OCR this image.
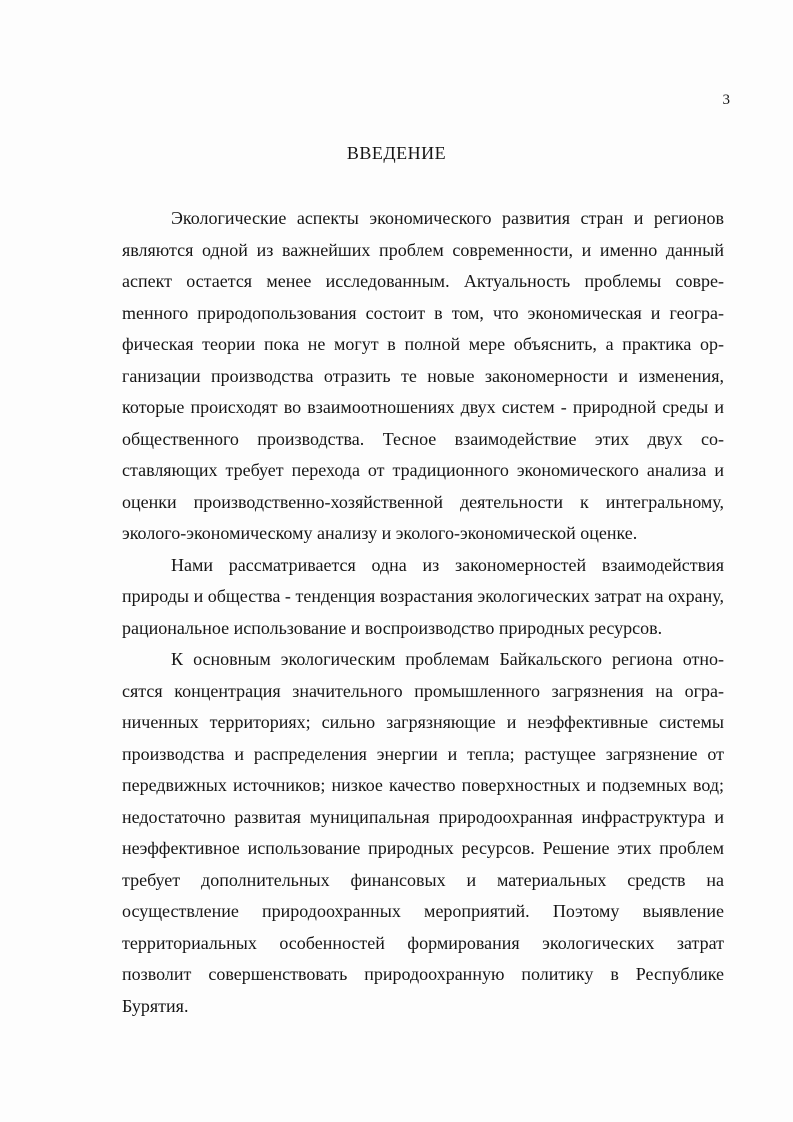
3
ВВЕДЕНИЕ

Экологические аспекты экономического развития стран и регионов являются одной из важнейших проблем современности, и именно данный аспект остается менее исследованным. Актуальность проблемы совреmенного природопользования состоит в том, что экономическая и географическая теории пока не могут в полной мере объяснить, а практика организации производства отразить те новые закономерности и изменения, которые происходят во взаимоотношениях двух систем - природной среды и общественного производства. Тесное взаимодействие этих двух составляющих требует перехода от традиционного экономического анализа и оценки производственно-хозяйственной деятельности к интегральному, эколого-экономическому анализу и эколого-экономической оценке.

Нами рассматривается одна из закономерностей взаимодействия природы и общества - тенденция возрастания экологических затрат на охрану, рациональное использование и воспроизводство природных ресурсов.

К основным экологическим проблемам Байкальского региона относятся концентрация значительного промышленного загрязнения на ограниченных территориях; сильно загрязняющие и неэффективные системы производства и распределения энергии и тепла; растущее загрязнение от передвижных источников; низкое качество поверхностных и подземных вод; недостаточно развитая муниципальная природоохранная инфраструктура и неэффективное использование природных ресурсов. Решение этих проблем требует дополнительных финансовых и материальных средств на осуществление природоохранных мероприятий. Поэтому выявление территориальных особенностей формирования экологических затрат позволит совершенствовать природоохранную политику в Республике Бурятия.
